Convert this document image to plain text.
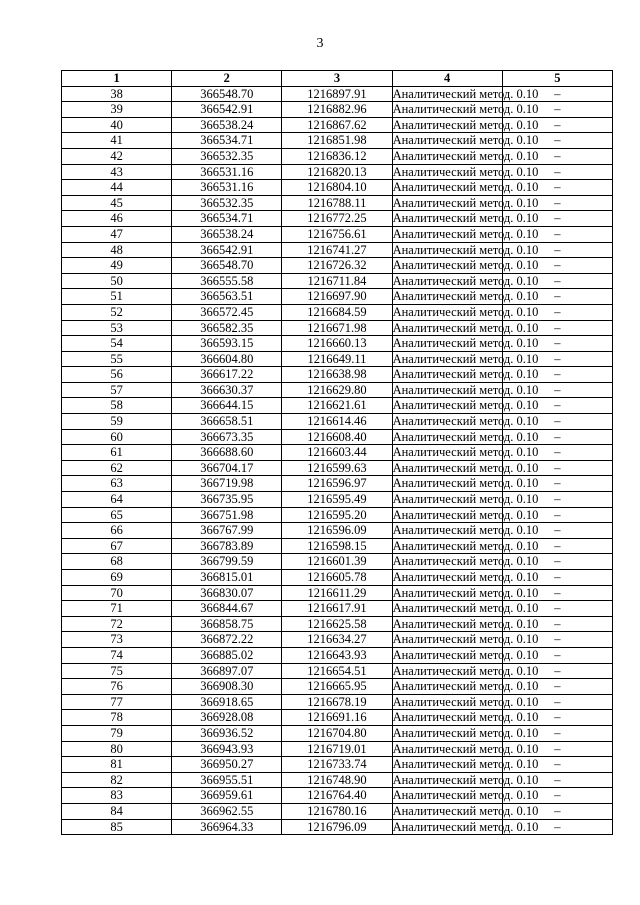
3
1	2	3	4	5
38	366548.70	1216897.91	Аналитический метод. 0.10	–
39	366542.91	1216882.96	Аналитический метод. 0.10	–
40	366538.24	1216867.62	Аналитический метод. 0.10	–
41	366534.71	1216851.98	Аналитический метод. 0.10	–
42	366532.35	1216836.12	Аналитический метод. 0.10	–
43	366531.16	1216820.13	Аналитический метод. 0.10	–
44	366531.16	1216804.10	Аналитический метод. 0.10	–
45	366532.35	1216788.11	Аналитический метод. 0.10	–
46	366534.71	1216772.25	Аналитический метод. 0.10	–
47	366538.24	1216756.61	Аналитический метод. 0.10	–
48	366542.91	1216741.27	Аналитический метод. 0.10	–
49	366548.70	1216726.32	Аналитический метод. 0.10	–
50	366555.58	1216711.84	Аналитический метод. 0.10	–
51	366563.51	1216697.90	Аналитический метод. 0.10	–
52	366572.45	1216684.59	Аналитический метод. 0.10	–
53	366582.35	1216671.98	Аналитический метод. 0.10	–
54	366593.15	1216660.13	Аналитический метод. 0.10	–
55	366604.80	1216649.11	Аналитический метод. 0.10	–
56	366617.22	1216638.98	Аналитический метод. 0.10	–
57	366630.37	1216629.80	Аналитический метод. 0.10	–
58	366644.15	1216621.61	Аналитический метод. 0.10	–
59	366658.51	1216614.46	Аналитический метод. 0.10	–
60	366673.35	1216608.40	Аналитический метод. 0.10	–
61	366688.60	1216603.44	Аналитический метод. 0.10	–
62	366704.17	1216599.63	Аналитический метод. 0.10	–
63	366719.98	1216596.97	Аналитический метод. 0.10	–
64	366735.95	1216595.49	Аналитический метод. 0.10	–
65	366751.98	1216595.20	Аналитический метод. 0.10	–
66	366767.99	1216596.09	Аналитический метод. 0.10	–
67	366783.89	1216598.15	Аналитический метод. 0.10	–
68	366799.59	1216601.39	Аналитический метод. 0.10	–
69	366815.01	1216605.78	Аналитический метод. 0.10	–
70	366830.07	1216611.29	Аналитический метод. 0.10	–
71	366844.67	1216617.91	Аналитический метод. 0.10	–
72	366858.75	1216625.58	Аналитический метод. 0.10	–
73	366872.22	1216634.27	Аналитический метод. 0.10	–
74	366885.02	1216643.93	Аналитический метод. 0.10	–
75	366897.07	1216654.51	Аналитический метод. 0.10	–
76	366908.30	1216665.95	Аналитический метод. 0.10	–
77	366918.65	1216678.19	Аналитический метод. 0.10	–
78	366928.08	1216691.16	Аналитический метод. 0.10	–
79	366936.52	1216704.80	Аналитический метод. 0.10	–
80	366943.93	1216719.01	Аналитический метод. 0.10	–
81	366950.27	1216733.74	Аналитический метод. 0.10	–
82	366955.51	1216748.90	Аналитический метод. 0.10	–
83	366959.61	1216764.40	Аналитический метод. 0.10	–
84	366962.55	1216780.16	Аналитический метод. 0.10	–
85	366964.33	1216796.09	Аналитический метод. 0.10	–
